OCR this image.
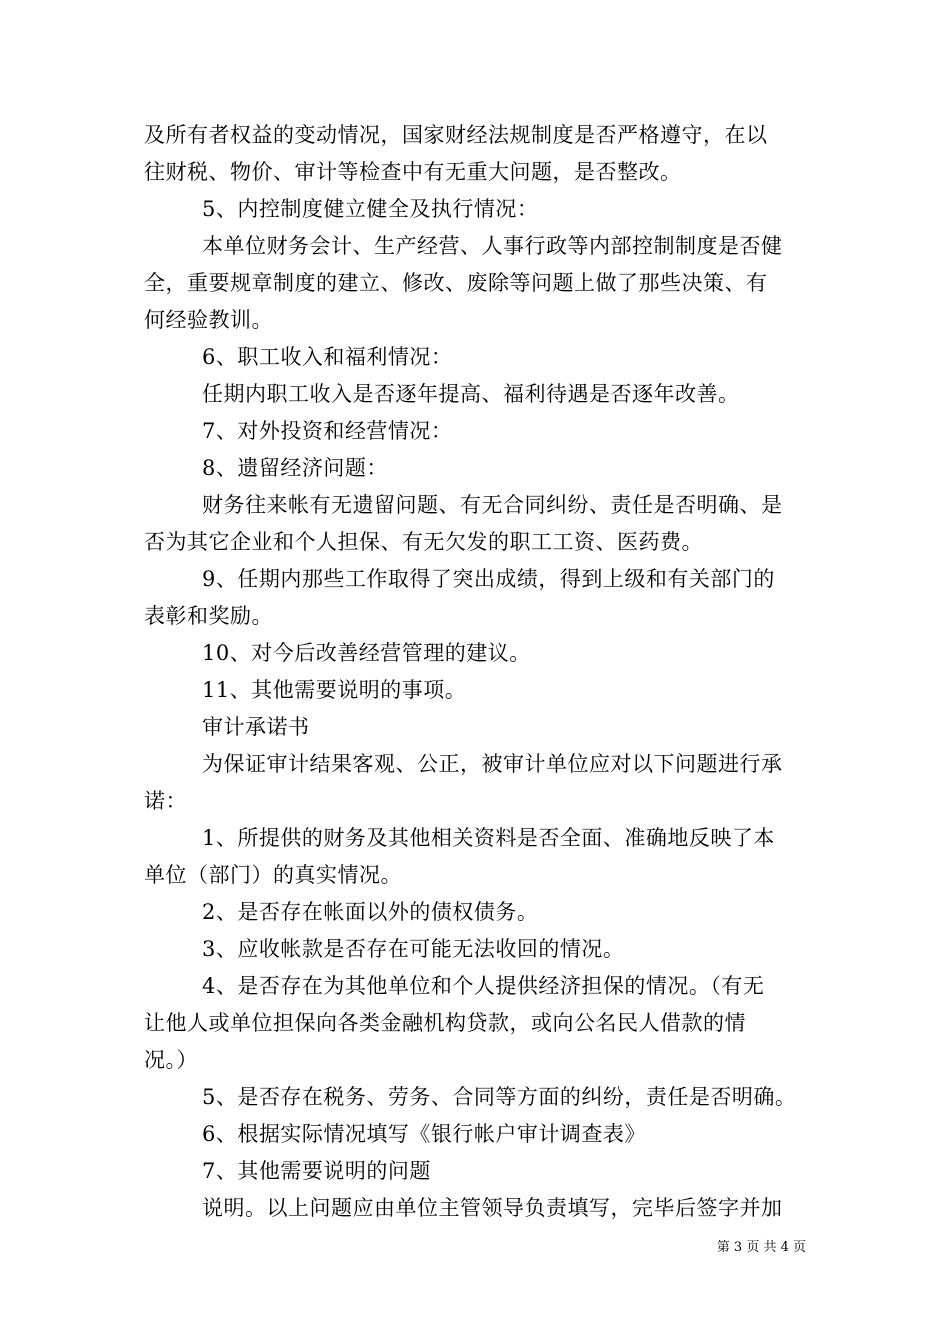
及所有者权益的变动情况，国家财经法规制度是否严格遵守，在以
往财税、物价、审计等检查中有无重大问题，是否整改。
5、内控制度健立健全及执行情况：
本单位财务会计、生产经营、人事行政等内部控制制度是否健
全，重要规章制度的建立、修改、废除等问题上做了那些决策、有
何经验教训。
6、职工收入和福利情况：
任期内职工收入是否逐年提高、福利待遇是否逐年改善。
7、对外投资和经营情况：
8、遗留经济问题：
财务往来帐有无遗留问题、有无合同纠纷、责任是否明确、是
否为其它企业和个人担保、有无欠发的职工工资、医药费。
9、任期内那些工作取得了突出成绩，得到上级和有关部门的
表彰和奖励。
10、对今后改善经营管理的建议。
11、其他需要说明的事项。
审计承诺书
为保证审计结果客观、公正，被审计单位应对以下问题进行承
诺：
1、所提供的财务及其他相关资料是否全面、准确地反映了本
单位（部门）的真实情况。
2、是否存在帐面以外的债权债务。
3、应收帐款是否存在可能无法收回的情况。
4、是否存在为其他单位和个人提供经济担保的情况。（有无
让他人或单位担保向各类金融机构贷款，或向公名民人借款的情
况。）
5、是否存在税务、劳务、合同等方面的纠纷，责任是否明确。
6、根据实际情况填写《银行帐户审计调查表》
7、其他需要说明的问题
说明。以上问题应由单位主管领导负责填写，完毕后签字并加
第 3 页 共 4 页
